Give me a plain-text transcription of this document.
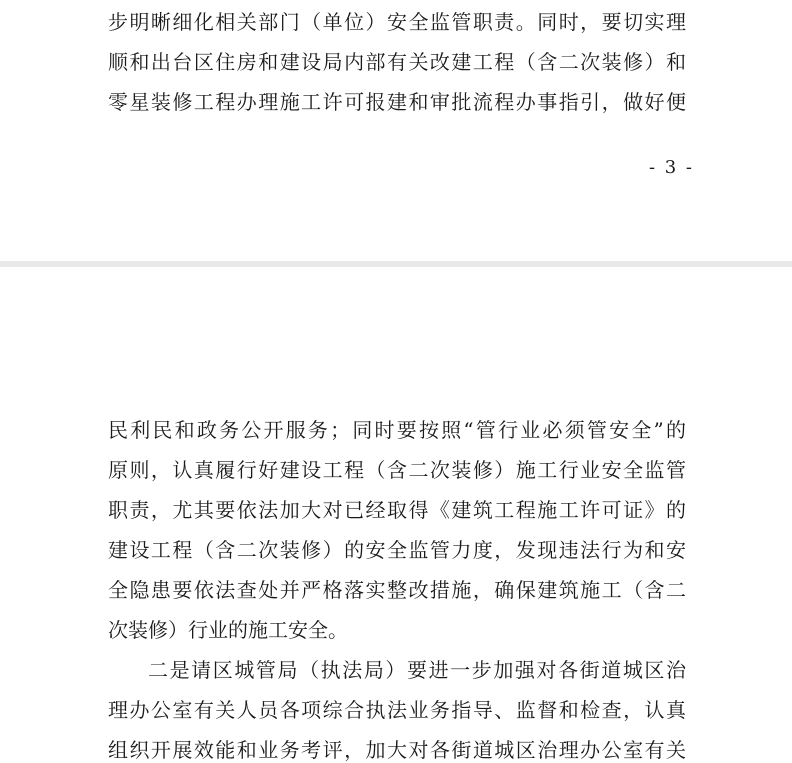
步明晰细化相关部门（单位）安全监管职责。同时，要切实理
顺和出台区住房和建设局内部有关改建工程（含二次装修）和
零星装修工程办理施工许可报建和审批流程办事指引，做好便
- 3 -
民利民和政务公开服务；同时要按照“管行业必须管安全”的
原则，认真履行好建设工程（含二次装修）施工行业安全监管
职责，尤其要依法加大对已经取得《建筑工程施工许可证》的
建设工程（含二次装修）的安全监管力度，发现违法行为和安
全隐患要依法查处并严格落实整改措施，确保建筑施工（含二
次装修）行业的施工安全。
二是请区城管局（执法局）要进一步加强对各街道城区治
理办公室有关人员各项综合执法业务指导、监督和检查，认真
组织开展效能和业务考评，加大对各街道城区治理办公室有关
